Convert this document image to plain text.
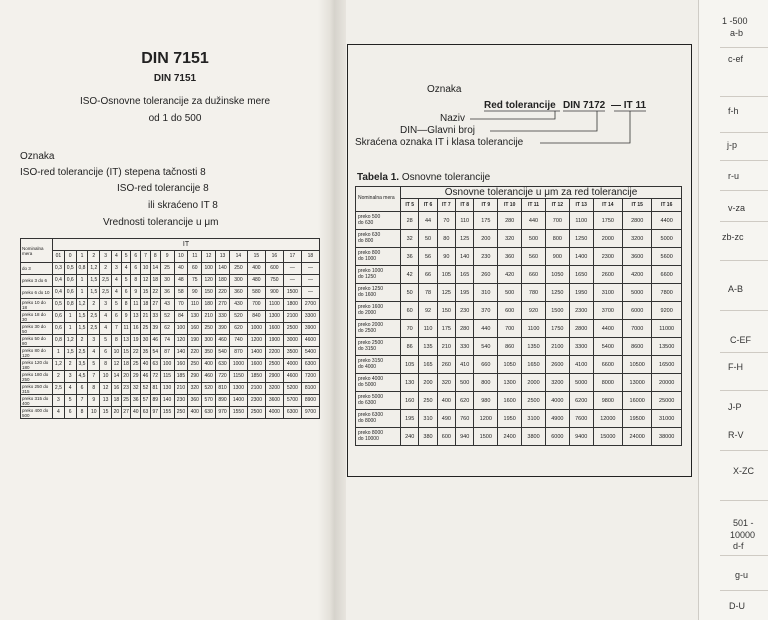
DIN 7151
DIN 7151
ISO-Osnovne tolerancije za dužinske mere
od 1 do 500
Oznaka
ISO-red tolerancije (IT) stepena tačnosti 8
ISO-red tolerancije 8
ili skraćeno IT 8
Vrednosti tolerancije u μm
Nominalna mera	IT																			
	01	0	1	2	3	4	5	6	7	8	9	10	11	12	13	14	15	16	17	18
do 3	0,3	0,5	0,8	1,2	2	3	4	6	10	14	25	40	60	100	140	250	400	600	—	—
preko 3 do 6	0,4	0,6	1	1,5	2,5	4	5	8	12	18	30	48	75	120	180	300	480	750	—	—
preko 6 do 10	0,4	0,6	1	1,5	2,5	4	6	9	15	22	36	58	90	150	220	360	580	900	1500	—
preko 10 do 18	0,5	0,8	1,2	2	3	5	8	11	18	27	43	70	110	180	270	430	700	1100	1800	2700
preko 18 do 30	0,6	1	1,5	2,5	4	6	9	13	21	33	52	84	130	210	330	520	840	1300	2100	3300
preko 30 do 50	0,6	1	1,5	2,5	4	7	11	16	25	39	62	100	160	250	390	620	1000	1600	2500	3900
preko 50 do 80	0,8	1,2	2	3	5	8	13	19	30	46	74	120	190	300	460	740	1200	1900	3000	4600
preko 80 do 120	1	1,5	2,5	4	6	10	15	22	35	54	87	140	220	350	540	870	1400	2200	3500	5400
preko 120 do 180	1,2	2	3,5	5	8	12	18	25	40	63	100	160	250	400	630	1000	1600	2500	4000	6300
preko 180 do 250	2	3	4,5	7	10	14	20	29	46	72	115	185	290	460	720	1150	1850	2900	4600	7200
preko 250 do 315	2,5	4	6	8	12	16	23	32	52	81	130	210	320	520	810	1300	2100	3200	5200	8100
preko 315 do 400	3	5	7	9	13	18	25	36	57	89	140	230	360	570	890	1400	2300	3600	5700	8900
preko 400 do 500	4	6	8	10	15	20	27	40	63	97	155	250	400	630	970	1550	2500	4000	6300	9700
Oznaka
Red tolerancije DIN 7172 — IT 11
Naziv
DIN—Glavni broj
Skraćena oznaka IT i klasa tolerancije
Tabela 1. Osnovne tolerancije
Nominalna mera	Osnovne tolerancije u μm za red tolerancije											
	IT 5	IT 6	IT 7	IT 8	IT 9	IT 10	IT 11	IT 12	IT 13	IT 14	IT 15	IT 16

preko 500
do 630	28	44	70	110	175	280	440	700	1100	1750	2800	4400

preko 630
do 800	32	50	80	125	200	320	500	800	1250	2000	3200	5000

preko 800
do 1000	36	56	90	140	230	360	560	900	1400	2300	3600	5600

preko 1000
do 1250	42	66	105	165	260	420	660	1050	1650	2600	4200	6600

preko 1250
do 1600	50	78	125	195	310	500	780	1250	1950	3100	5000	7800

preko 1600
do 2000	60	92	150	230	370	600	920	1500	2300	3700	6000	9200

preko 2000
do 2500	70	110	175	280	440	700	1100	1750	2800	4400	7000	11000

preko 2500
do 3150	86	135	210	330	540	860	1350	2100	3300	5400	8600	13500

preko 3150
do 4000	105	165	260	410	660	1050	1650	2600	4100	6600	10500	16500

preko 4000
do 5000	130	200	320	500	800	1300	2000	3200	5000	8000	13000	20000

preko 5000
do 6300	160	250	400	620	980	1600	2500	4000	6200	9800	16000	25000

preko 6300
do 8000	195	310	490	760	1200	1950	3100	4900	7600	12000	19500	31000

preko 8000
do 10000	240	380	600	940	1500	2400	3800	6000	9400	15000	24000	38000
1 -500
a-b
c-ef
f-h
j-p
r-u
v-za
zb-zc
A-B
C-EF
F-H
J-P
R-V
X-ZC
501 -
10000
d-f
g-u
D-U
